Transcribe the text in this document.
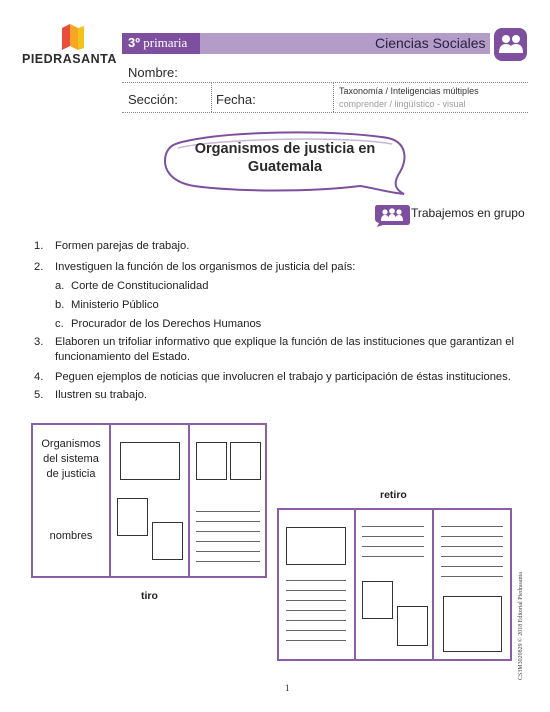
PIEDRASANTA
3º primaria	Ciencias Sociales
Nombre:
Sección:	Fecha:
Taxonomía / Inteligencias múltiples
comprender / lingüístico - visual
Organismos de justicia en
Guatemala
Trabajemos en grupo
1. Formen parejas de trabajo.
2. Investiguen la función de los organismos de justicia del país:
a. Corte de Constitucionalidad
b. Ministerio Público
c. Procurador de los Derechos Humanos
3. Elaboren un trifoliar informativo que explique la función de las instituciones que garantizan el
funcionamiento del Estado.
4. Peguen ejemplos de noticias que involucren el trabajo y participación de éstas instituciones.
5. Ilustren su trabajo.
Organismos
del sistema
de justicia
nombres
tiro
retiro
CS3M3020829 © 2018 Editorial Piedrasanta
1
